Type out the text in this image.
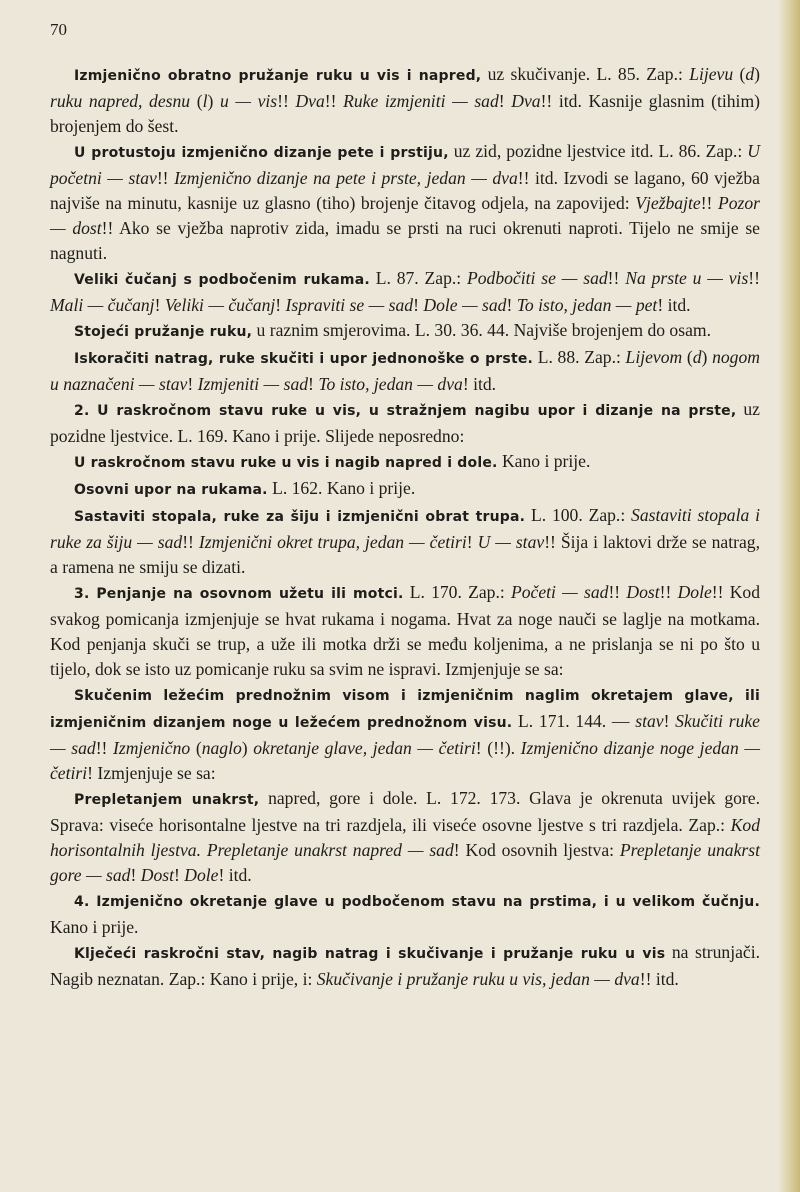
70

Izmjenično obratno pružanje ruku u vis i napred, uz skučivanje. L. 85. Zap.: Lijevu (d) ruku napred, desnu (l) u — vis!! Dva!! Ruke izmjeniti — sad! Dva!! itd. Kasnije glasnim (tihim) brojenjem do šest.

U protustoju izmjenično dizanje pete i prstiju, uz zid, pozidne ljestvice itd. L. 86. Zap.: U početni — stav!! Izmjenično dizanje na pete i prste, jedan — dva!! itd. Izvodi se lagano, 60 vježba najviše na minutu, kasnije uz glasno (tiho) brojenje čitavog odjela, na zapovijed: Vježbajte!! Pozor — dost!! Ako se vježba naprotiv zida, imadu se prsti na ruci okrenuti naproti. Tijelo ne smije se nagnuti.

Veliki čučanj s podbočenim rukama. L. 87. Zap.: Podbočiti se — sad!! Na prste u — vis!! Mali — čučanj! Veliki — čučanj! Ispraviti se — sad! Dole — sad! To isto, jedan — pet! itd.

Stojeći pružanje ruku, u raznim smjerovima. L. 30. 36. 44. Najviše brojenjem do osam.

Iskoračiti natrag, ruke skučiti i upor jednonoške o prste. L. 88. Zap.: Lijevom (d) nogom u naznačeni — stav! Izmjeniti — sad! To isto, jedan — dva! itd.

2. U raskročnom stavu ruke u vis, u stražnjem nagibu upor i dizanje na prste, uz pozidne ljestvice. L. 169. Kano i prije. Slijede neposredno:

U raskročnom stavu ruke u vis i nagib napred i dole. Kano i prije.

Osovni upor na rukama. L. 162. Kano i prije.

Sastaviti stopala, ruke za šiju i izmjenični obrat trupa. L. 100. Zap.: Sastaviti stopala i ruke za šiju — sad!! Izmjenični okret trupa, jedan — četiri! U — stav!! Šija i laktovi drže se natrag, a ramena ne smiju se dizati.

3. Penjanje na osovnom užetu ili motci. L. 170. Zap.: Početi — sad!! Dost!! Dole!! Kod svakog pomicanja izmjenjuje se hvat rukama i nogama. Hvat za noge nauči se laglje na motkama. Kod penjanja skuči se trup, a uže ili motka drži se među koljenima, a ne prislanja se ni po što u tijelo, dok se isto uz pomicanje ruku sa svim ne ispravi. Izmjenjuje se sa:

Skučenim ležećim prednožnim visom i izmjeničnim naglim okretajem glave, ili izmjeničnim dizanjem noge u ležećem prednožnom visu. L. 171. 144. — stav! Skučiti ruke — sad!! Izmjenično (naglo) okretanje glave, jedan — četiri! (!!). Izmjenično dizanje noge jedan — četiri! Izmjenjuje se sa:

Prepletanjem unakrst, napred, gore i dole. L. 172. 173. Glava je okrenuta uvijek gore. Sprava: viseće horisontalne ljestve na tri razdjela, ili viseće osovne ljestve s tri razdjela. Zap.: Kod horisontalnih ljestva. Prepletanje unakrst napred — sad! Kod osovnih ljestva: Prepletanje unakrst gore — sad! Dost! Dole! itd.

4. Izmjenično okretanje glave u podbočenom stavu na prstima, i u velikom čučnju. Kano i prije.

Klječeći raskročni stav, nagib natrag i skučivanje i pružanje ruku u vis na strunjači. Nagib neznatan. Zap.: Kano i prije, i: Skučivanje i pružanje ruku u vis, jedan — dva!! itd.
